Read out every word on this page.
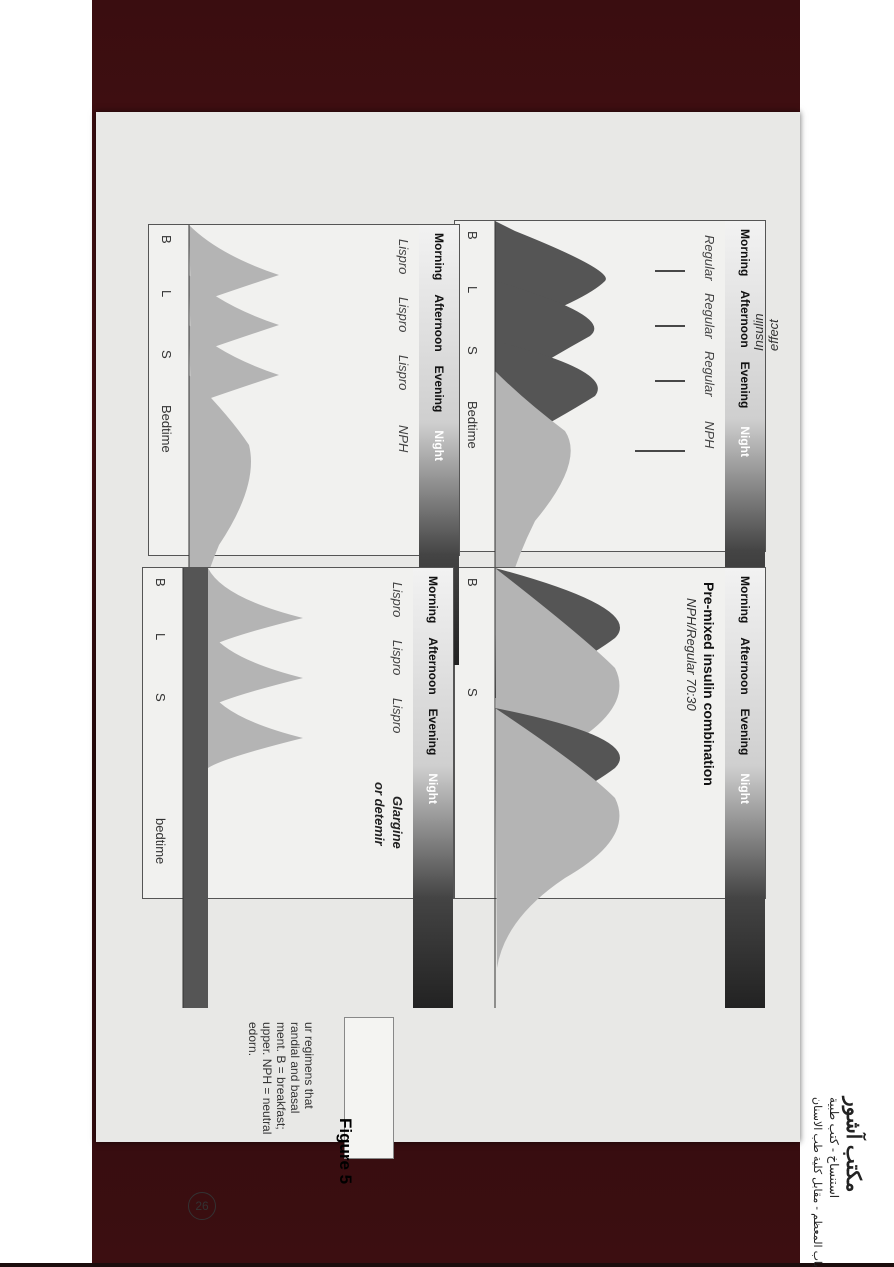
Morning
Afternoon
Evening
Night
Regular
Regular
Regular
NPH
B
L
S
Bedtime
Insulin effect
Morning
Afternoon
Evening
Night
Pre-mixed insulin combination
NPH/Regular 70:30
B
S
Morning
Afternoon
Evening
Night
Lispro
Lispro
Lispro
NPH
B
L
S
Bedtime
Morning
Afternoon
Evening
Night
Lispro
Lispro
Lispro
Glargine
or detemir
B
L
S
bedtime
Figure 5
ur regimens that
randial and basal
ment. B = breakfast;
upper. NPH = neutral
edorn.
مكتب آشور
استنساخ - كتب طبية
باب المعظم - مقابل كلية طب الاسنان
26
